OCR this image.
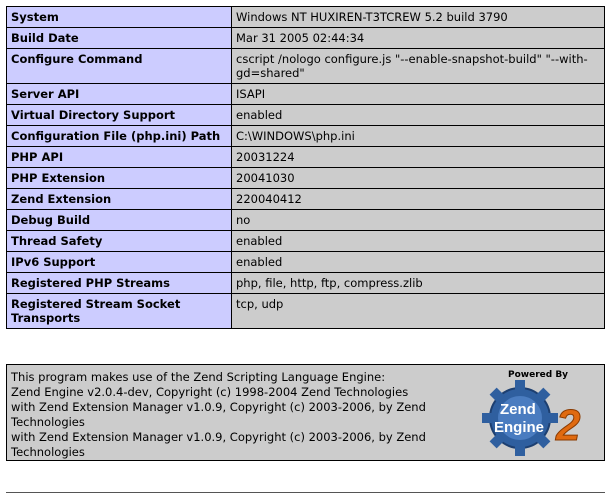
System	Windows NT HUXIREN-T3TCREW 5.2 build 3790
Build Date	Mar 31 2005 02:44:34
Configure Command	cscript /nologo configure.js "--enable-snapshot-build" "--with-gd=shared"
Server API	ISAPI
Virtual Directory Support	enabled
Configuration File (php.ini) Path	C:\WINDOWS\php.ini
PHP API	20031224
PHP Extension	20041030
Zend Extension	220040412
Debug Build	no
Thread Safety	enabled
IPv6 Support	enabled
Registered PHP Streams	php, file, http, ftp, compress.zlib
Registered Stream Socket Transports	tcp, udp
This program makes use of the Zend Scripting Language Engine:
Zend Engine v2.0.4-dev, Copyright (c) 1998-2004 Zend Technologies
with Zend Extension Manager v1.0.9, Copyright (c) 2003-2006, by Zend Technologies
with Zend Extension Manager v1.0.9, Copyright (c) 2003-2006, by Zend Technologies
Powered By
Zend
Engine 2
